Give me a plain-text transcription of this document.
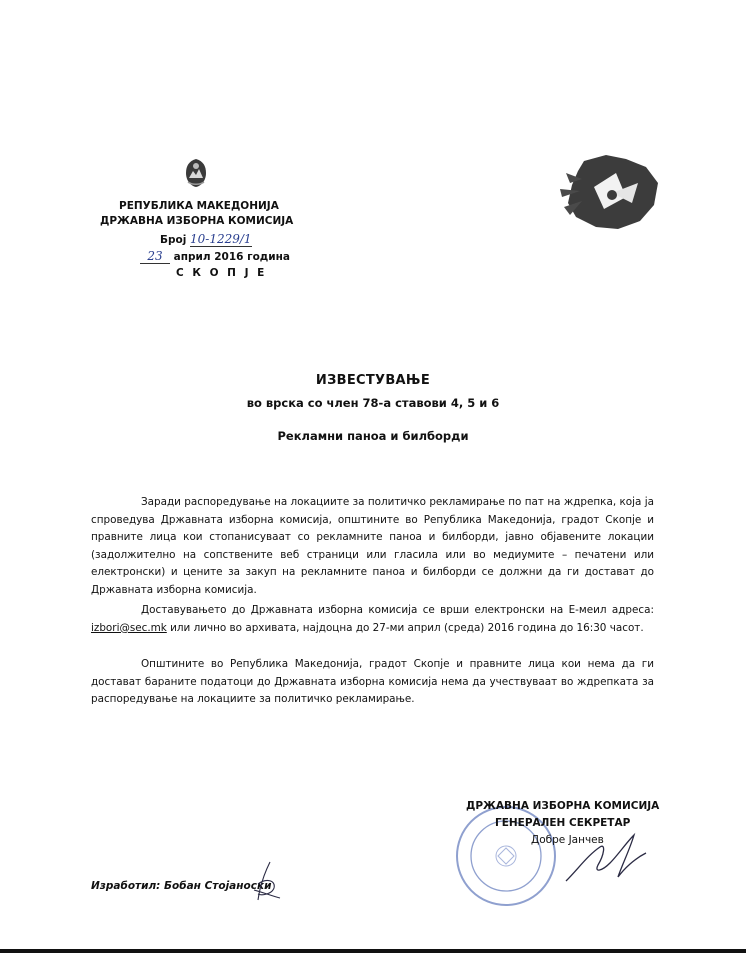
РЕПУБЛИКА МАКЕДОНИЈА
ДРЖАВНА ИЗБОРНА КОМИСИЈА
Број 10-1229/1
23 април 2016 година
С К О П Ј Е
ИЗВЕСТУВАЊЕ
во врска со член 78-а ставови 4, 5 и 6
Рекламни паноа и билборди
Заради распоредување на локациите за политичко рекламирање по пат на ждрепка, која ја спроведува Државната изборна комисија, општините во Република Македонија, градот Скопје и правните лица кои стопанисуваат со рекламните паноа и билборди, јавно објавените локации (задолжително на сопствените веб страници или гласила или во медиумите – печатени или електронски) и цените за закуп на рекламните паноа и билборди се должни да ги достават до Државната изборна комисија.
Доставувањето до Државната изборна комисија се врши електронски на Е-меил адреса: izbori@sec.mk или лично во архивата, најдоцна до 27-ми април (среда) 2016 година до 16:30 часот.
Општините во Република Македонија, градот Скопје и правните лица кои нема да ги достават бараните податоци до Државната изборна комисија нема да учествуваат во ждрепката за распоредување на локациите за политичко рекламирање.
ДРЖАВНА ИЗБОРНА КОМИСИЈА
ГЕНЕРАЛЕН СЕКРЕТАР
Добре Јанчев
Изработил: Бобан Стојаноски
